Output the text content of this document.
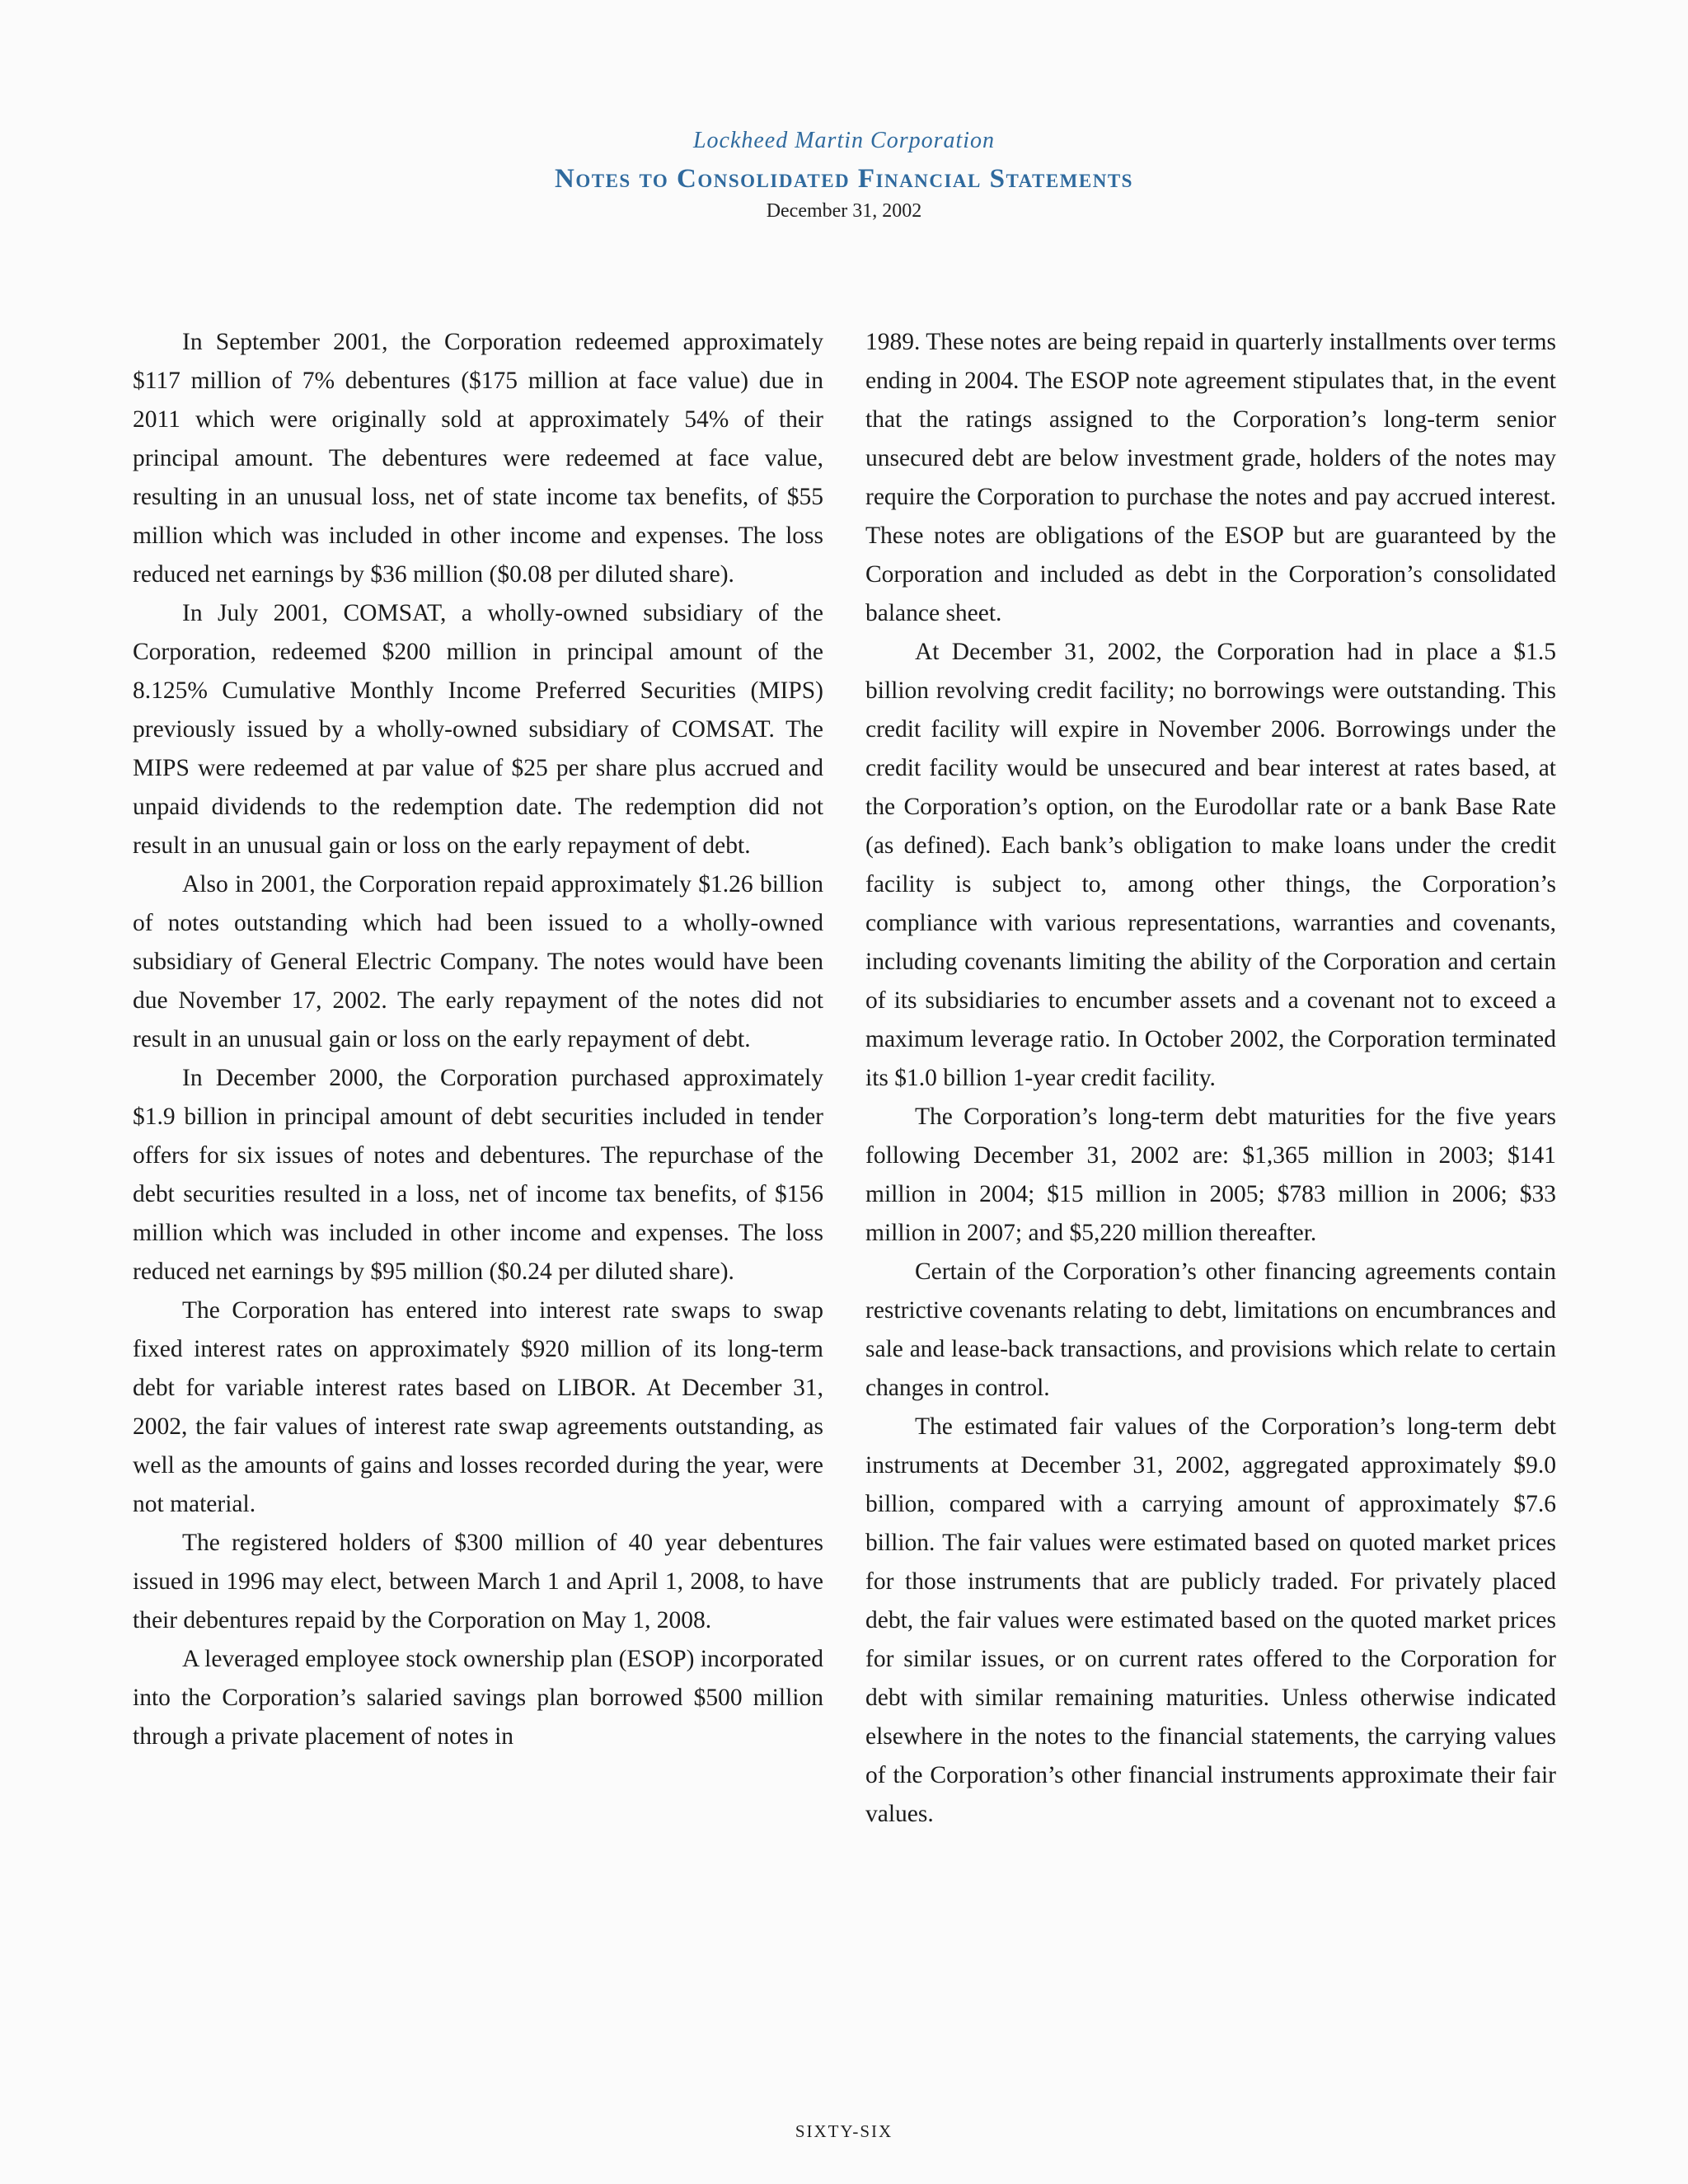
Lockheed Martin Corporation
Notes to Consolidated Financial Statements
December 31, 2002

In September 2001, the Corporation redeemed approximately $117 million of 7% debentures ($175 million at face value) due in 2011 which were originally sold at approximately 54% of their principal amount. The debentures were redeemed at face value, resulting in an unusual loss, net of state income tax benefits, of $55 million which was included in other income and expenses. The loss reduced net earnings by $36 million ($0.08 per diluted share).

In July 2001, COMSAT, a wholly-owned subsidiary of the Corporation, redeemed $200 million in principal amount of the 8.125% Cumulative Monthly Income Preferred Securities (MIPS) previously issued by a wholly-owned subsidiary of COMSAT. The MIPS were redeemed at par value of $25 per share plus accrued and unpaid dividends to the redemption date. The redemption did not result in an unusual gain or loss on the early repayment of debt.

Also in 2001, the Corporation repaid approximately $1.26 billion of notes outstanding which had been issued to a wholly-owned subsidiary of General Electric Company. The notes would have been due November 17, 2002. The early repayment of the notes did not result in an unusual gain or loss on the early repayment of debt.

In December 2000, the Corporation purchased approximately $1.9 billion in principal amount of debt securities included in tender offers for six issues of notes and debentures. The repurchase of the debt securities resulted in a loss, net of income tax benefits, of $156 million which was included in other income and expenses. The loss reduced net earnings by $95 million ($0.24 per diluted share).

The Corporation has entered into interest rate swaps to swap fixed interest rates on approximately $920 million of its long-term debt for variable interest rates based on LIBOR. At December 31, 2002, the fair values of interest rate swap agreements outstanding, as well as the amounts of gains and losses recorded during the year, were not material.

The registered holders of $300 million of 40 year debentures issued in 1996 may elect, between March 1 and April 1, 2008, to have their debentures repaid by the Corporation on May 1, 2008.

A leveraged employee stock ownership plan (ESOP) incorporated into the Corporation’s salaried savings plan borrowed $500 million through a private placement of notes in

1989. These notes are being repaid in quarterly installments over terms ending in 2004. The ESOP note agreement stipulates that, in the event that the ratings assigned to the Corporation’s long-term senior unsecured debt are below investment grade, holders of the notes may require the Corporation to purchase the notes and pay accrued interest. These notes are obligations of the ESOP but are guaranteed by the Corporation and included as debt in the Corporation’s consolidated balance sheet.

At December 31, 2002, the Corporation had in place a $1.5 billion revolving credit facility; no borrowings were outstanding. This credit facility will expire in November 2006. Borrowings under the credit facility would be unsecured and bear interest at rates based, at the Corporation’s option, on the Eurodollar rate or a bank Base Rate (as defined). Each bank’s obligation to make loans under the credit facility is subject to, among other things, the Corporation’s compliance with various representations, warranties and covenants, including covenants limiting the ability of the Corporation and certain of its subsidiaries to encumber assets and a covenant not to exceed a maximum leverage ratio. In October 2002, the Corporation terminated its $1.0 billion 1-year credit facility.

The Corporation’s long-term debt maturities for the five years following December 31, 2002 are: $1,365 million in 2003; $141 million in 2004; $15 million in 2005; $783 million in 2006; $33 million in 2007; and $5,220 million thereafter.

Certain of the Corporation’s other financing agreements contain restrictive covenants relating to debt, limitations on encumbrances and sale and lease-back transactions, and provisions which relate to certain changes in control.

The estimated fair values of the Corporation’s long-term debt instruments at December 31, 2002, aggregated approximately $9.0 billion, compared with a carrying amount of approximately $7.6 billion. The fair values were estimated based on quoted market prices for those instruments that are publicly traded. For privately placed debt, the fair values were estimated based on the quoted market prices for similar issues, or on current rates offered to the Corporation for debt with similar remaining maturities. Unless otherwise indicated elsewhere in the notes to the financial statements, the carrying values of the Corporation’s other financial instruments approximate their fair values.

SIXTY-SIX
